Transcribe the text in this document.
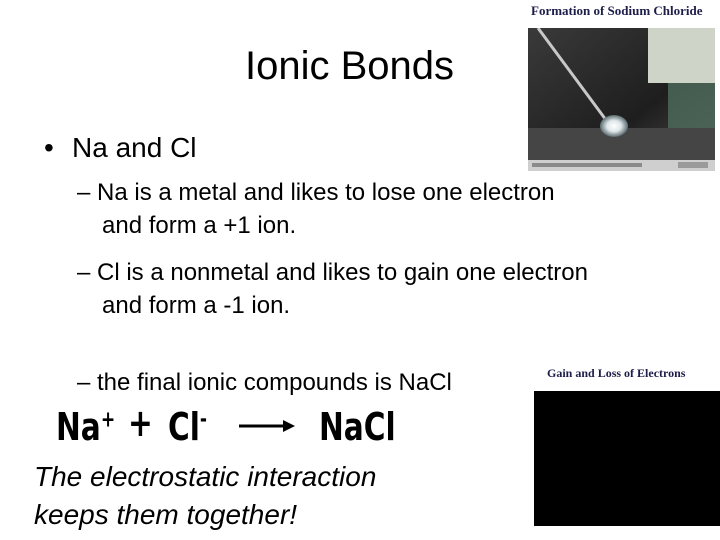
Ionic Bonds
• Na and Cl
– Na is a metal and likes to lose one electron
and form a +1 ion.
– Cl is a nonmetal and likes to gain one electron
and form a -1 ion.
– the final ionic compounds is NaCl
Na+ + Cl- → NaCl
The electrostatic interaction
keeps them together!
Formation of Sodium Chloride
Gain and Loss of Electrons
